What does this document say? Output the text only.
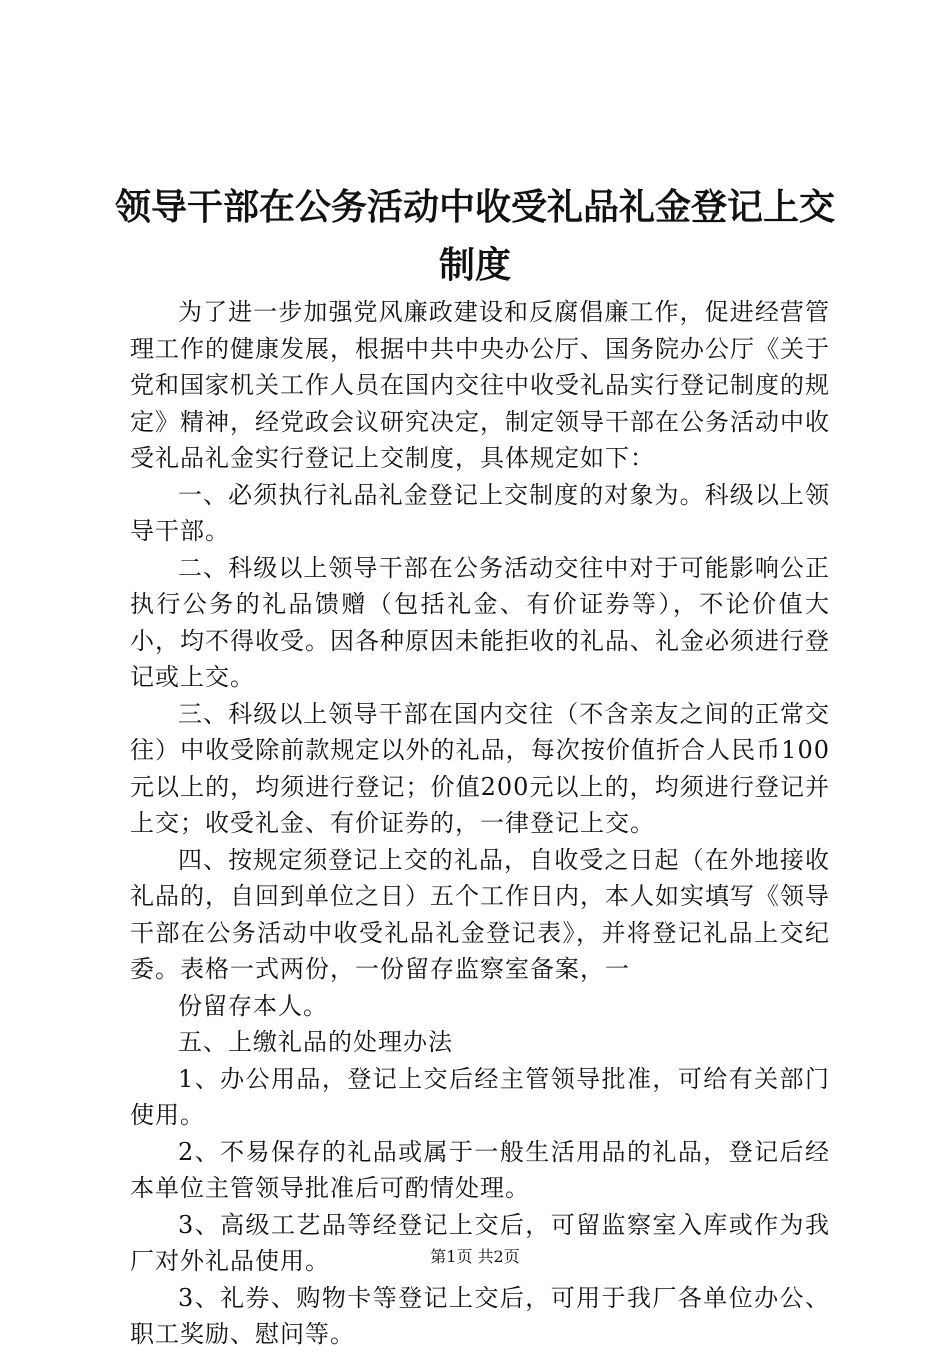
领导干部在公务活动中收受礼品礼金登记上交
制度

为了进一步加强党风廉政建设和反腐倡廉工作，促进经营管理工作的健康发展，根据中共中央办公厅、国务院办公厅《关于党和国家机关工作人员在国内交往中收受礼品实行登记制度的规定》精神，经党政会议研究决定，制定领导干部在公务活动中收受礼品礼金实行登记上交制度，具体规定如下：

一、必须执行礼品礼金登记上交制度的对象为。科级以上领导干部。

二、科级以上领导干部在公务活动交往中对于可能影响公正执行公务的礼品馈赠（包括礼金、有价证券等），不论价值大小，均不得收受。因各种原因未能拒收的礼品、礼金必须进行登记或上交。

三、科级以上领导干部在国内交往（不含亲友之间的正常交往）中收受除前款规定以外的礼品，每次按价值折合人民币100元以上的，均须进行登记；价值200元以上的，均须进行登记并上交；收受礼金、有价证券的，一律登记上交。

四、按规定须登记上交的礼品，自收受之日起（在外地接收礼品的，自回到单位之日）五个工作日内，本人如实填写《领导干部在公务活动中收受礼品礼金登记表》，并将登记礼品上交纪委。表格一式两份，一份留存监察室备案，一

份留存本人。

五、上缴礼品的处理办法

1、办公用品，登记上交后经主管领导批准，可给有关部门使用。

2、不易保存的礼品或属于一般生活用品的礼品，登记后经本单位主管领导批准后可酌情处理。

3、高级工艺品等经登记上交后，可留监察室入库或作为我厂对外礼品使用。

3、礼券、购物卡等登记上交后，可用于我厂各单位办公、职工奖励、慰问等。

第1页 共2页
